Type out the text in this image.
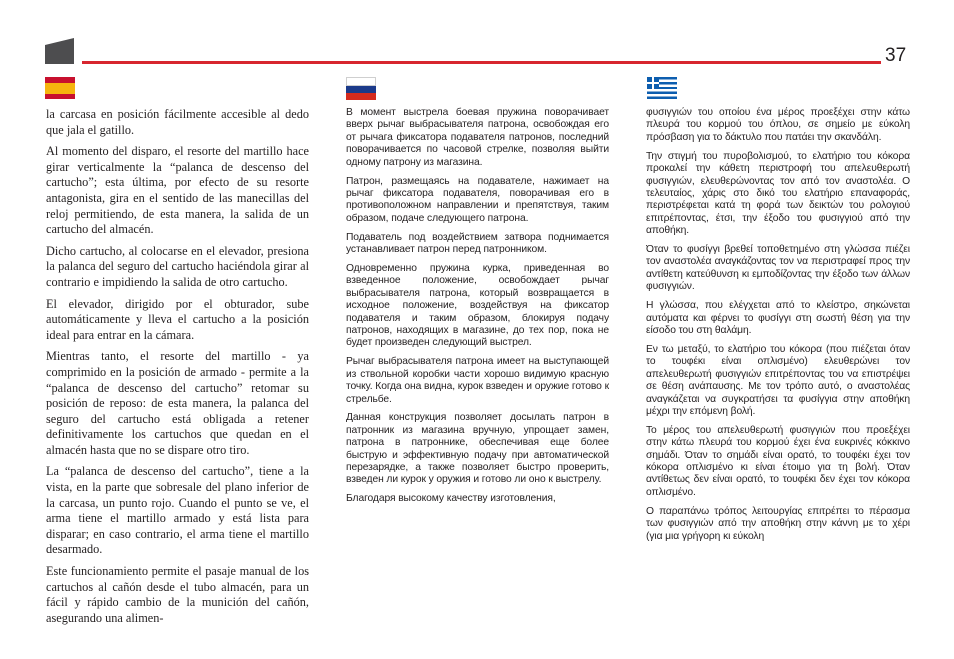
37

la carcasa en posición fácilmente accesible al dedo que jala el gatillo.

Al momento del disparo, el resorte del martillo hace girar verticalmente la “palanca de descenso del cartucho”; esta última, por efecto de su resorte antagonista, gira en el sentido de las manecillas del reloj permitiendo, de esta manera, la salida de un cartucho del almacén.

Dicho cartucho, al colocarse en el elevador, presiona la palanca del seguro del cartucho haciéndola girar al contrario e impidiendo la salida de otro cartucho.

El elevador, dirigido por el obturador, sube automáticamente y lleva el cartucho a la posición ideal para entrar en la cámara.

Mientras tanto, el resorte del martillo - ya comprimido en la posición de armado - permite a la “palanca de descenso del cartucho” retomar su posición de reposo: de esta manera, la palanca del seguro del cartucho está obligada a retener definitivamente los cartuchos que quedan en el almacén hasta que no se dispare otro tiro.

La “palanca de descenso del cartucho”, tiene a la vista, en la parte que sobresale del plano inferior de la carcasa, un punto rojo. Cuando el punto se ve, el arma tiene el martillo armado y está lista para disparar; en caso contrario, el arma tiene el martillo desarmado.

Este funcionamiento permite el pasaje manual de los cartuchos al cañón desde el tubo almacén, para un fácil y rápido cambio de la munición del cañón, asegurando una alimen-

В момент выстрела боевая пружина поворачивает вверх рычаг выбрасывателя патрона, освобождая его от рычага фиксатора подавателя патронов, последний поворачивается по часовой стрелке, позволяя выйти одному патрону из магазина.

Патрон, размещаясь на подавателе, нажимает на рычаг фиксатора подавателя, поворачивая его в противоположном направлении и препятствуя, таким образом, подаче следующего патрона.

Подаватель под воздействием затвора поднимается устанавливает патрон перед патронником.

Одновременно пружина курка, приведенная во взведенное положение, освобождает рычаг выбрасывателя патрона, который возвращается в исходное положение, воздействуя на фиксатор подавателя и таким образом, блокируя подачу патронов, находящих в магазине, до тех пор, пока не будет произведен следующий выстрел.

Рычаг выбрасывателя патрона имеет на выступающей из ствольной коробки части хорошо видимую красную точку. Когда она видна, курок взведен и оружие готово к стрельбе.

Данная конструкция позволяет досылать патрон в патронник из магазина вручную, упрощает замен, патрона в патроннике, обеспечивая еще более быструю и эффективную подачу при автоматической перезарядке, а также позволяет быстро проверить, взведен ли курок у оружия и готово ли оно к выстрелу.

Благодаря высокому качеству изготовления,

φυσιγγιών του οποίου ένα μέρος προεξέχει στην κάτω πλευρά του κορμού του όπλου, σε σημείο με εύκολη πρόσβαση για το δάκτυλο που πατάει την σκανδάλη.

Την στιγμή του πυροβολισμού, το ελατήριο του κόκορα προκαλεί την κάθετη περιστροφή του απελευθερωτή φυσιγγιών, ελευθερώνοντας τον από τον αναστολέα. Ο τελευταίος, χάρις στο δικό του ελατήριο επαναφοράς, περιστρέφεται κατά τη φορά των δεικτών του ρολογιού επιτρέποντας, έτσι, την έξοδο του φυσιγγιού από την αποθήκη.

Όταν το φυσίγγι βρεθεί τοποθετημένο στη γλώσσα πιέζει τον αναστολέα αναγκάζοντας τον να περιστραφεί προς την αντίθετη κατεύθυνση κι εμποδίζοντας την έξοδο των άλλων φυσιγγιών.

Η γλώσσα, που ελέγχεται από το κλείστρο, σηκώνεται αυτόματα και φέρνει το φυσίγγι στη σωστή θέση για την είσοδο του στη θαλάμη.

Εν τω μεταξύ, το ελατήριο του κόκορα (που πιέζεται όταν το τουφέκι είναι οπλισμένο) ελευθερώνει τον απελευθερωτή φυσιγγιών επιτρέποντας του να επιστρέψει σε θέση ανάπαυσης. Με τον τρόπο αυτό, ο αναστολέας αναγκάζεται να συγκρατήσει τα φυσίγγια στην αποθήκη μέχρι την επόμενη βολή.

Το μέρος του απελευθερωτή φυσιγγιών που προεξέχει στην κάτω πλευρά του κορμού έχει ένα ευκρινές κόκκινο σημάδι. Όταν το σημάδι είναι ορατό, το τουφέκι έχει τον κόκορα οπλισμένο κι είναι έτοιμο για τη βολή. Όταν αντίθετως δεν είναι ορατό, το τουφέκι δεν έχει τον κόκορα οπλισμένο.

Ο παραπάνω τρόπος λειτουργίας επιτρέπει το πέρασμα των φυσιγγιών από την αποθήκη στην κάννη με το χέρι (για μια γρήγορη κι εύκολη
